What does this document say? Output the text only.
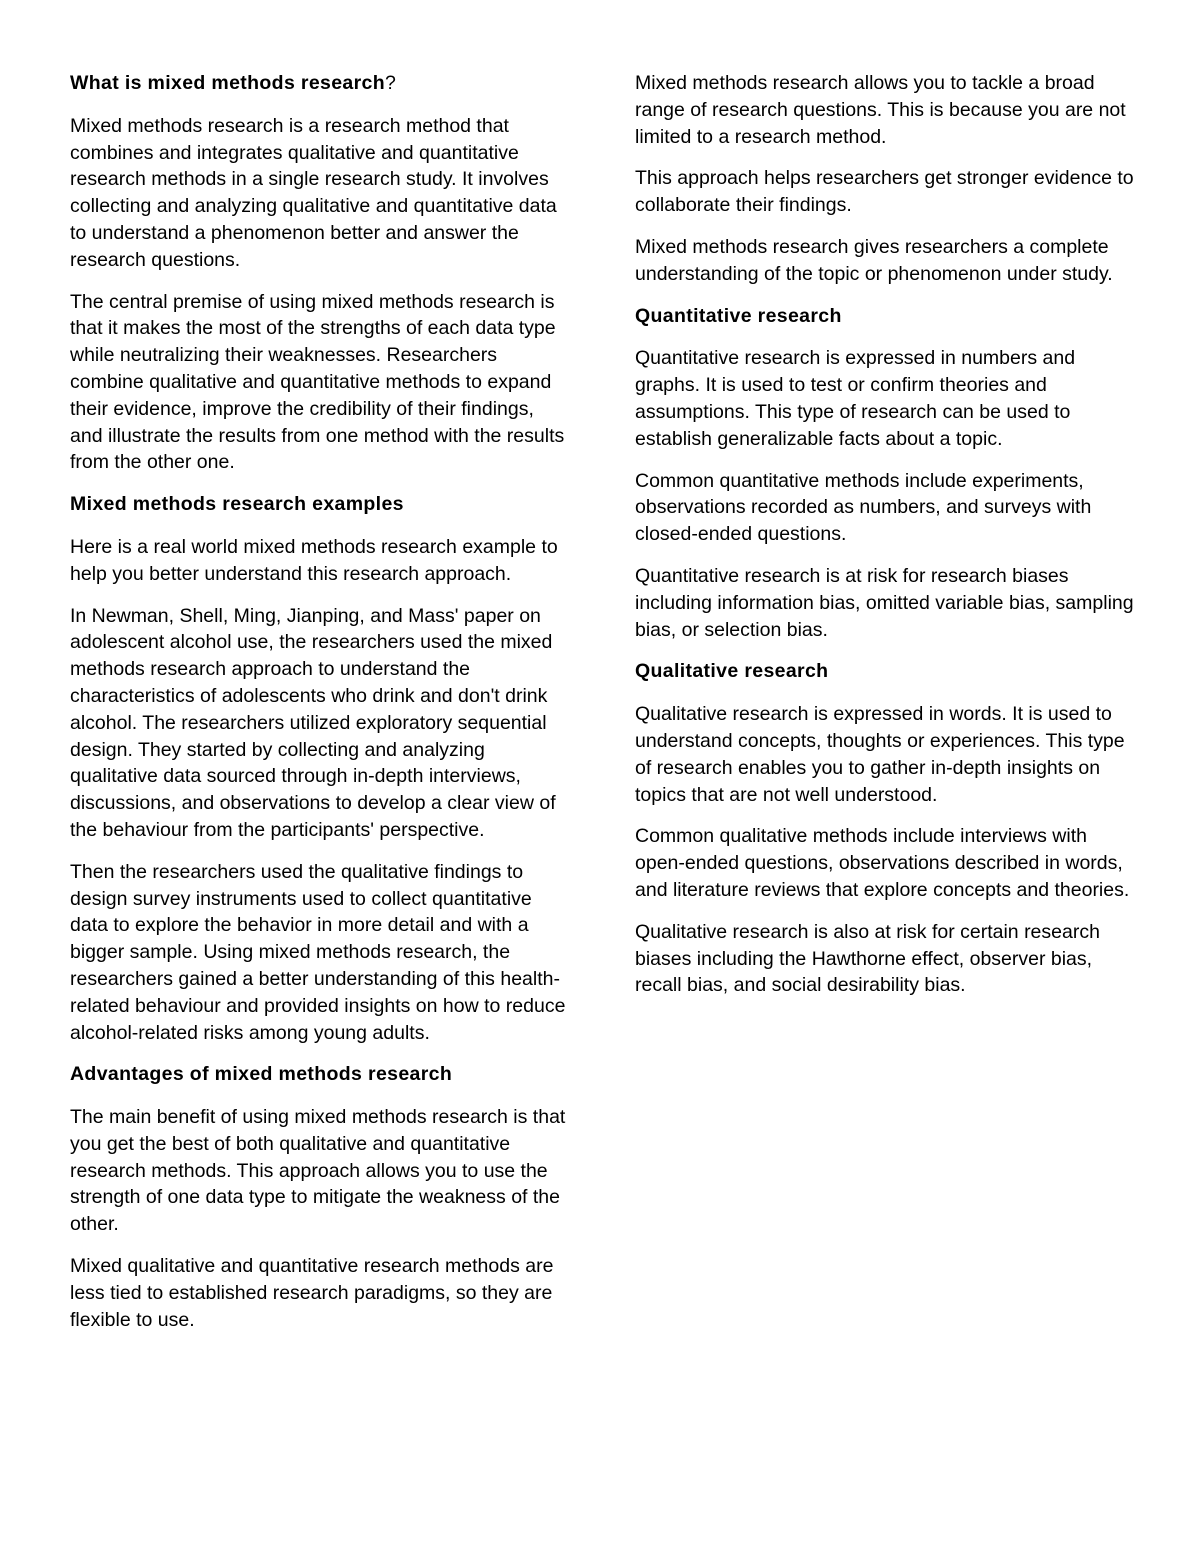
What is mixed methods research?

Mixed methods research is a research method that combines and integrates qualitative and quantitative research methods in a single research study. It involves collecting and analyzing qualitative and quantitative data to understand a phenomenon better and answer the research questions.

The central premise of using mixed methods research is that it makes the most of the strengths of each data type while neutralizing their weaknesses. Researchers combine qualitative and quantitative methods to expand their evidence, improve the credibility of their findings, and illustrate the results from one method with the results from the other one.

Mixed methods research examples

Here is a real world mixed methods research example to help you better understand this research approach.

In Newman, Shell, Ming, Jianping, and Mass' paper on adolescent alcohol use, the researchers used the mixed methods research approach to understand the characteristics of adolescents who drink and don't drink alcohol. The researchers utilized exploratory sequential design. They started by collecting and analyzing qualitative data sourced through in-depth interviews, discussions, and observations to develop a clear view of the behaviour from the participants' perspective.

Then the researchers used the qualitative findings to design survey instruments used to collect quantitative data to explore the behavior in more detail and with a bigger sample. Using mixed methods research, the researchers gained a better understanding of this health-related behaviour and provided insights on how to reduce alcohol-related risks among young adults.

Advantages of mixed methods research

The main benefit of using mixed methods research is that you get the best of both qualitative and quantitative research methods. This approach allows you to use the strength of one data type to mitigate the weakness of the other.

Mixed qualitative and quantitative research methods are less tied to established research paradigms, so they are flexible to use.

Mixed methods research allows you to tackle a broad range of research questions. This is because you are not limited to a research method.

This approach helps researchers get stronger evidence to collaborate their findings.

Mixed methods research gives researchers a complete understanding of the topic or phenomenon under study.

Quantitative research

Quantitative research is expressed in numbers and graphs. It is used to test or confirm theories and assumptions. This type of research can be used to establish generalizable facts about a topic.

Common quantitative methods include experiments, observations recorded as numbers, and surveys with closed-ended questions.

Quantitative research is at risk for research biases including information bias, omitted variable bias, sampling bias, or selection bias.

Qualitative research

Qualitative research is expressed in words. It is used to understand concepts, thoughts or experiences. This type of research enables you to gather in-depth insights on topics that are not well understood.

Common qualitative methods include interviews with open-ended questions, observations described in words, and literature reviews that explore concepts and theories.

Qualitative research is also at risk for certain research biases including the Hawthorne effect, observer bias, recall bias, and social desirability bias.
